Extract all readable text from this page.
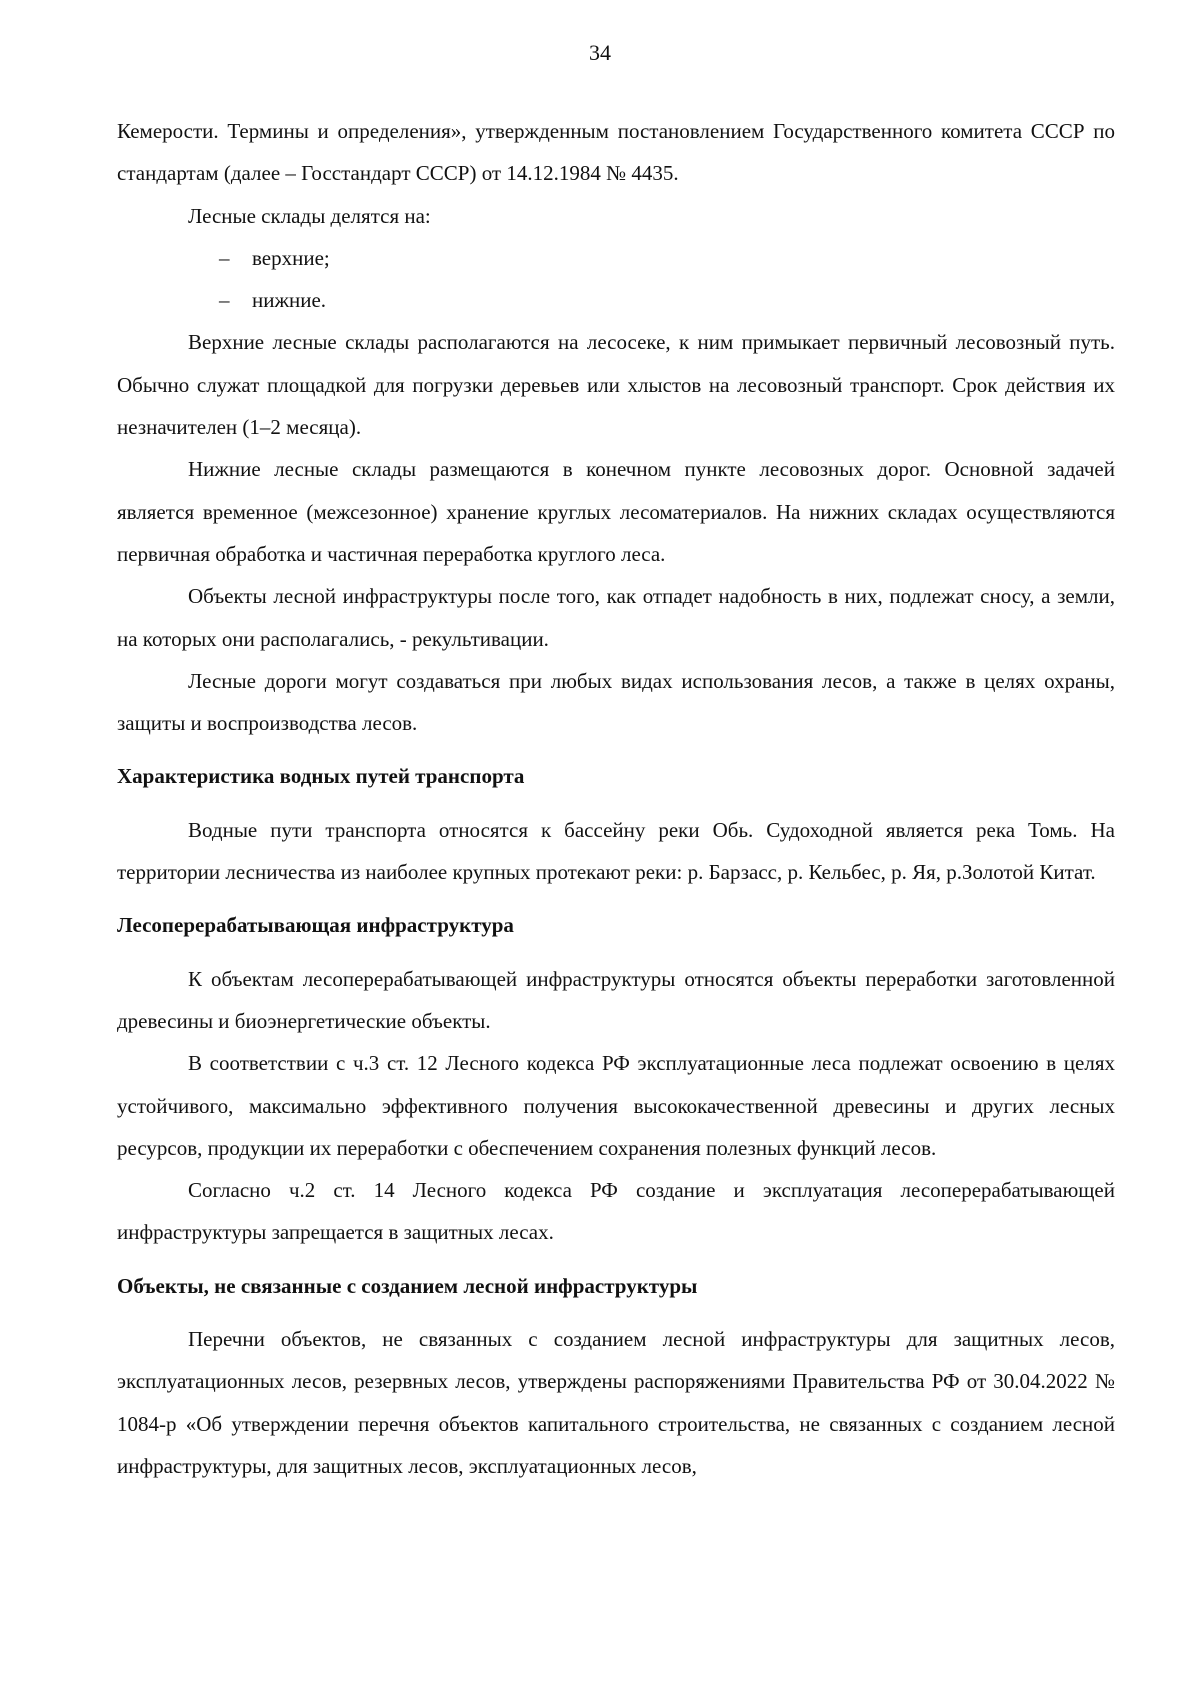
34

Кемерости. Термины и определения», утвержденным постановлением Государственного комитета СССР по стандартам (далее – Госстандарт СССР) от 14.12.1984 № 4435.

Лесные склады делятся на:

– верхние;
– нижние.

Верхние лесные склады располагаются на лесосеке, к ним примыкает первичный лесовозный путь. Обычно служат площадкой для погрузки деревьев или хлыстов на лесовозный транспорт. Срок действия их незначителен (1–2 месяца).

Нижние лесные склады размещаются в конечном пункте лесовозных дорог. Основной задачей является временное (межсезонное) хранение круглых лесоматериалов. На нижних складах осуществляются первичная обработка и частичная переработка круглого леса.

Объекты лесной инфраструктуры после того, как отпадет надобность в них, подлежат сносу, а земли, на которых они располагались, - рекультивации.

Лесные дороги могут создаваться при любых видах использования лесов, а также в целях охраны, защиты и воспроизводства лесов.

Характеристика водных путей транспорта

Водные пути транспорта относятся к бассейну реки Обь. Судоходной является река Томь. На территории лесничества из наиболее крупных протекают реки: р. Барзасс, р. Кельбес, р. Яя, р.Золотой Китат.

Лесоперерабатывающая инфраструктура

К объектам лесоперерабатывающей инфраструктуры относятся объекты переработки заготовленной древесины и биоэнергетические объекты.

В соответствии с ч.3 ст. 12 Лесного кодекса РФ эксплуатационные леса подлежат освоению в целях устойчивого, максимально эффективного получения высококачественной древесины и других лесных ресурсов, продукции их переработки с обеспечением сохранения полезных функций лесов.

Согласно ч.2 ст. 14 Лесного кодекса РФ создание и эксплуатация лесоперерабатывающей инфраструктуры запрещается в защитных лесах.

Объекты, не связанные с созданием лесной инфраструктуры

Перечни объектов, не связанных с созданием лесной инфраструктуры для защитных лесов, эксплуатационных лесов, резервных лесов, утверждены распоряжениями Правительства РФ от 30.04.2022 № 1084-р «Об утверждении перечня объектов капитального строительства, не связанных с созданием лесной инфраструктуры, для защитных лесов, эксплуатационных лесов,
